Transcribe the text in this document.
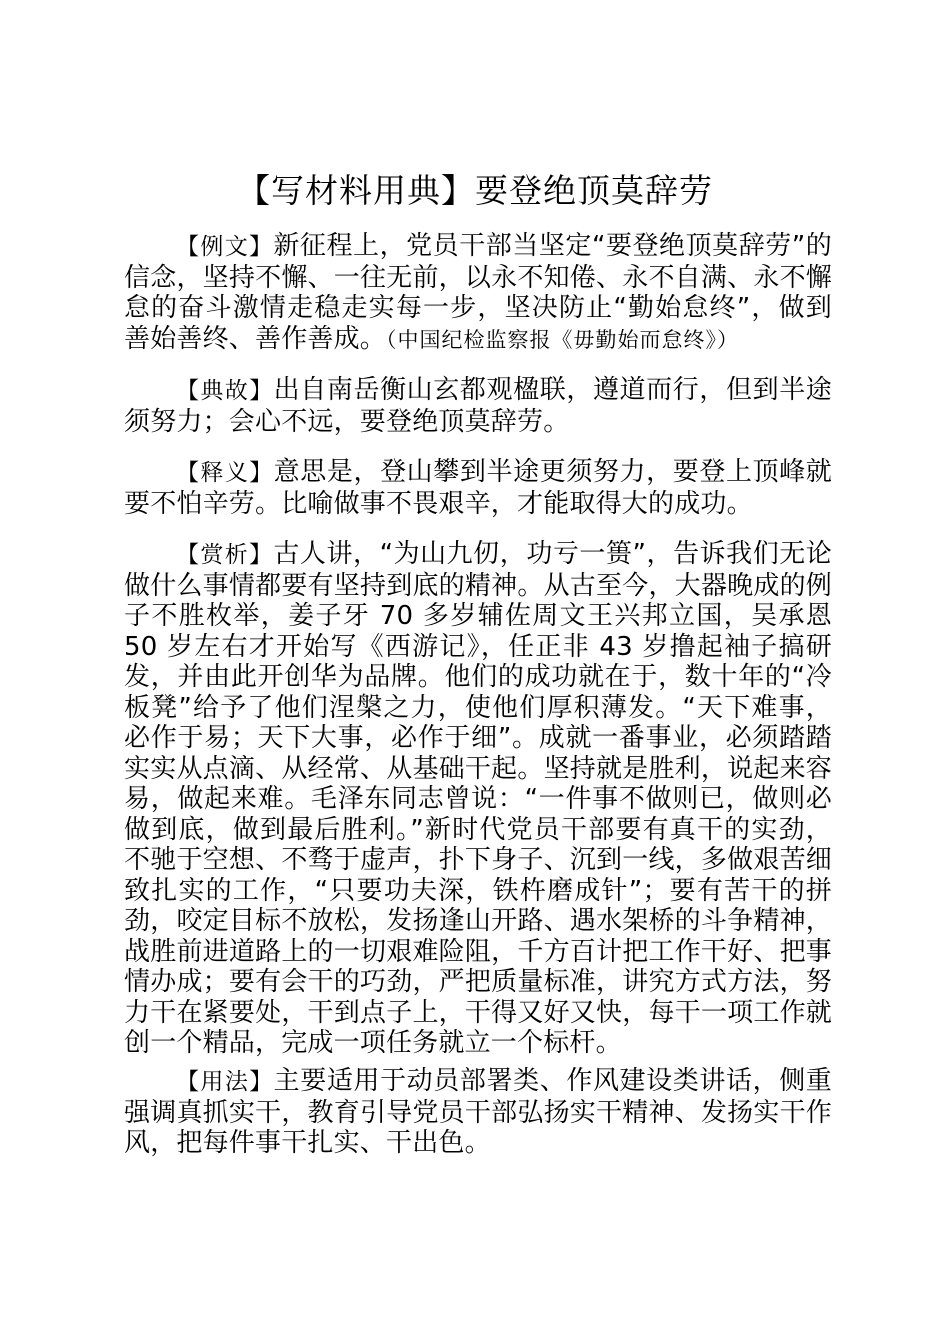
【写材料用典】要登绝顶莫辞劳

【例文】新征程上，党员干部当坚定“要登绝顶莫辞劳”的信念，坚持不懈、一往无前，以永不知倦、永不自满、永不懈怠的奋斗激情走稳走实每一步，坚决防止“勤始怠终”，做到善始善终、善作善成。（中国纪检监察报《毋勤始而怠终》）

【典故】出自南岳衡山玄都观楹联，遵道而行，但到半途须努力；会心不远，要登绝顶莫辞劳。

【释义】意思是，登山攀到半途更须努力，要登上顶峰就要不怕辛劳。比喻做事不畏艰辛，才能取得大的成功。

【赏析】古人讲，“为山九仞，功亏一篑”，告诉我们无论做什么事情都要有坚持到底的精神。从古至今，大器晚成的例子不胜枚举，姜子牙 70 多岁辅佐周文王兴邦立国，吴承恩 50 岁左右才开始写《西游记》，任正非 43 岁撸起袖子搞研发，并由此开创华为品牌。他们的成功就在于，数十年的“冷板凳”给予了他们涅槃之力，使他们厚积薄发。“天下难事，必作于易；天下大事，必作于细”。成就一番事业，必须踏踏实实从点滴、从经常、从基础干起。坚持就是胜利，说起来容易，做起来难。毛泽东同志曾说：“一件事不做则已，做则必做到底，做到最后胜利。”新时代党员干部要有真干的实劲，不驰于空想、不骛于虚声，扑下身子、沉到一线，多做艰苦细致扎实的工作，“只要功夫深，铁杵磨成针”；要有苦干的拼劲，咬定目标不放松，发扬逢山开路、遇水架桥的斗争精神，战胜前进道路上的一切艰难险阻，千方百计把工作干好、把事情办成；要有会干的巧劲，严把质量标准，讲究方式方法，努力干在紧要处，干到点子上，干得又好又快，每干一项工作就创一个精品，完成一项任务就立一个标杆。

【用法】主要适用于动员部署类、作风建设类讲话，侧重强调真抓实干，教育引导党员干部弘扬实干精神、发扬实干作风，把每件事干扎实、干出色。
